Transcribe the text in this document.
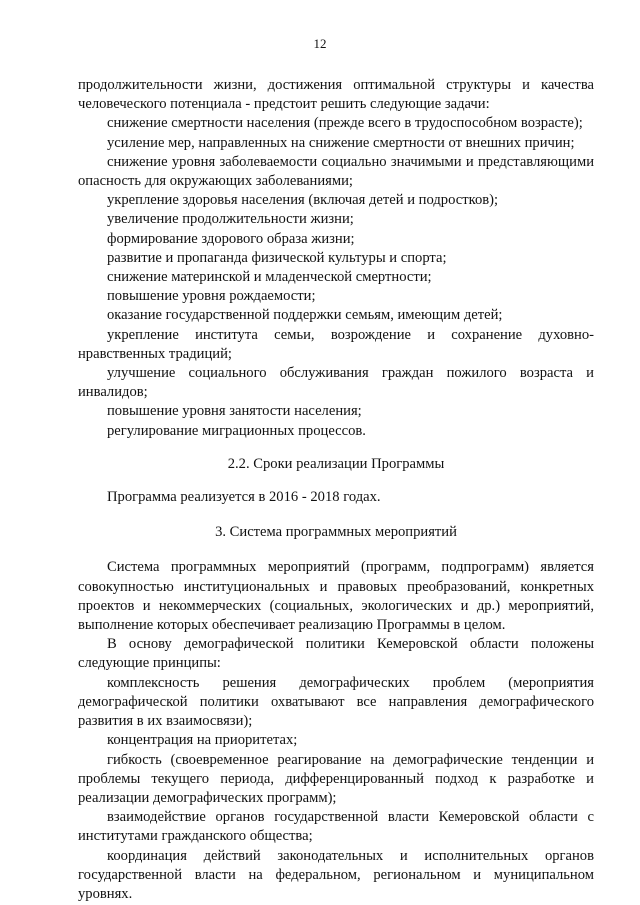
12

продолжительности жизни, достижения оптимальной структуры и качества человеческого потенциала - предстоит решить следующие задачи:

снижение смертности населения (прежде всего в трудоспособном возрасте);

усиление мер, направленных на снижение смертности от внешних причин;

снижение уровня заболеваемости социально значимыми и представляющими опасность для окружающих заболеваниями;

укрепление здоровья населения (включая детей и подростков);

увеличение продолжительности жизни;

формирование здорового образа жизни;

развитие и пропаганда физической культуры и спорта;

снижение материнской и младенческой смертности;

повышение уровня рождаемости;

оказание государственной поддержки семьям, имеющим детей;

укрепление института семьи, возрождение и сохранение духовно-нравственных традиций;

улучшение социального обслуживания граждан пожилого возраста и инвалидов;

повышение уровня занятости населения;

регулирование миграционных процессов.

2.2. Сроки реализации Программы

Программа реализуется в 2016 - 2018 годах.

3. Система программных мероприятий

Система программных мероприятий (программ, подпрограмм) является совокупностью институциональных и правовых преобразований, конкретных проектов и некоммерческих (социальных, экологических и др.) мероприятий, выполнение которых обеспечивает реализацию Программы в целом.

В основу демографической политики Кемеровской области положены следующие принципы:

комплексность решения демографических проблем (мероприятия демографической политики охватывают все направления демографического развития в их взаимосвязи);

концентрация на приоритетах;

гибкость (своевременное реагирование на демографические тенденции и проблемы текущего периода, дифференцированный подход к разработке и реализации демографических программ);

взаимодействие органов государственной власти Кемеровской области с институтами гражданского общества;

координация действий законодательных и исполнительных органов государственной власти на федеральном, региональном и муниципальном уровнях.
